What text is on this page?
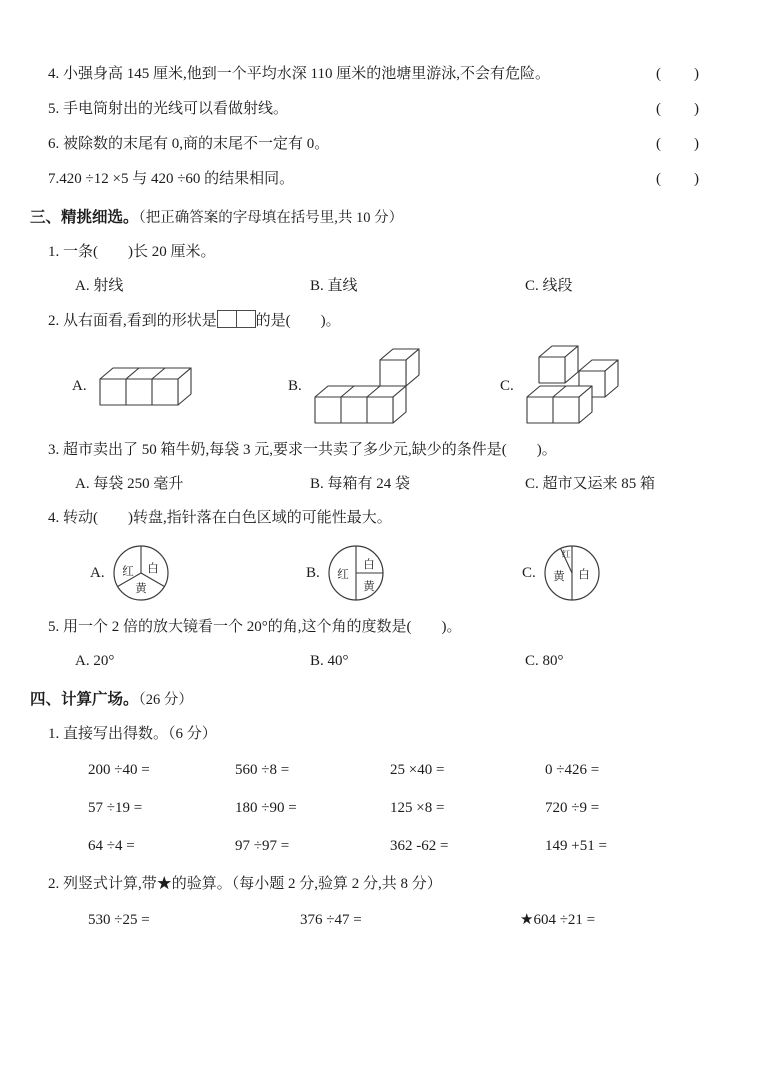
4. 小强身高 145 厘米,他到一个平均水深 110 厘米的池塘里游泳,不会有危险。	(　　)
5. 手电筒射出的光线可以看做射线。	(　　)
6. 被除数的末尾有 0,商的末尾不一定有 0。	(　　)
7.420 ÷12 ×5 与 420 ÷60 的结果相同。	(　　)
三、精挑细选。（把正确答案的字母填在括号里,共 10 分）
1. 一条(　　)长 20 厘米。
A. 射线	B. 直线	C. 线段
2. 从右面看,看到的形状是	的是(　　)。
A.	B.	C.
3. 超市卖出了 50 箱牛奶,每袋 3 元,要求一共卖了多少元,缺少的条件是(　　)。
A. 每袋 250 毫升	B. 每箱有 24 袋	C. 超市又运来 85 箱
4. 转动(　　)转盘,指针落在白色区域的可能性最大。
A. 红 白
黄
B. 红
白
黄
C.
红
黄 白
5. 用一个 2 倍的放大镜看一个 20°的角,这个角的度数是(　　)。
A. 20°	B. 40°	C. 80°
四、计算广场。（26 分）
1. 直接写出得数。（6 分）
200 ÷40 =	560 ÷8 =	25 ×40 =	0 ÷426 =
57 ÷19 =	180 ÷90 =	125 ×8 =	720 ÷9 =
64 ÷4 =	97 ÷97 =	362 -62 =	149 +51 =
2. 列竖式计算,带★的验算。（每小题 2 分,验算 2 分,共 8 分）
530 ÷25 =	376 ÷47 =	★604 ÷21 =
